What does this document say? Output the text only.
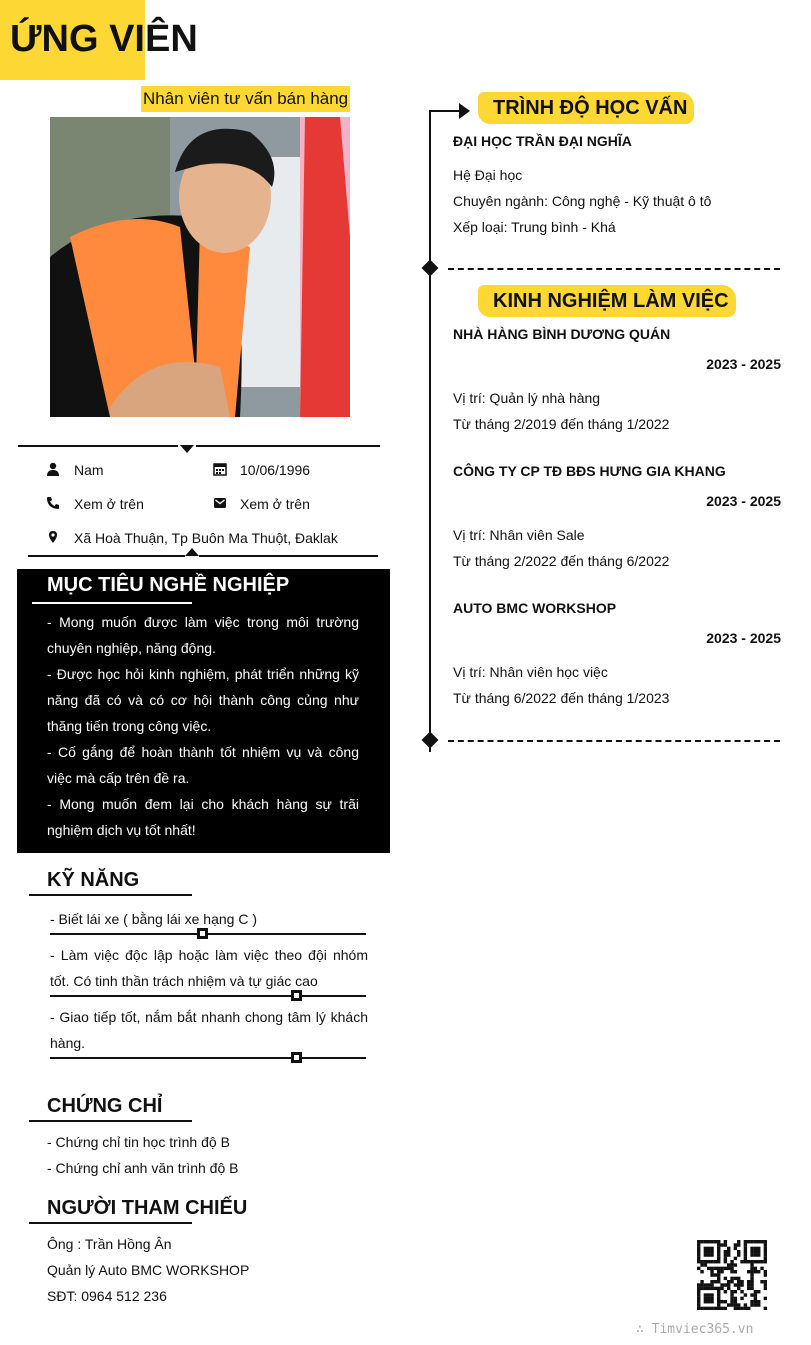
ỨNG VIÊN
Nhân viên tư vấn bán hàng
Nam	10/06/1996
Xem ở trên	Xem ở trên
Xã Hoà Thuận, Tp Buôn Ma Thuột, Đaklak
MỤC TIÊU NGHỀ NGHIỆP

- Mong muốn được làm việc trong môi trường chuyên nghiệp, năng động.

- Được học hỏi kinh nghiệm, phát triển những kỹ năng đã có và có cơ hội thành công củng như thăng tiến trong công việc.

- Cố gắng để hoàn thành tốt nhiệm vụ và công việc mà cấp trên đề ra.

- Mong muốn đem lại cho khách hàng sự trãi nghiệm dịch vụ tốt nhất!

KỸ NĂNG
- Biết lái xe ( bằng lái xe hạng C )
- Làm việc độc lập hoặc làm việc theo đội nhóm tốt. Có tinh thần trách nhiệm và tự giác cao
- Giao tiếp tốt, nắm bắt nhanh chong tâm lý khách hàng.
CHỨNG CHỈ
- Chứng chỉ tin học trình độ B
- Chứng chỉ anh văn trình độ B
NGƯỜI THAM CHIẾU
Ông : Trần Hồng Ân
Quản lý Auto BMC WORKSHOP
SĐT: 0964 512 236
TRÌNH ĐỘ HỌC VẤN
ĐẠI HỌC TRẦN ĐẠI NGHĨA
Hệ Đại học
Chuyên ngành: Công nghệ - Kỹ thuật ô tô
Xếp loại: Trung bình - Khá
KINH NGHIỆM LÀM VIỆC
NHÀ HÀNG BÌNH DƯƠNG QUÁN
2023 - 2025
Vị trí: Quản lý nhà hàng
Từ tháng 2/2019 đến tháng 1/2022
CÔNG TY CP TĐ BĐS HƯNG GIA KHANG
2023 - 2025
Vị trí: Nhân viên Sale
Từ tháng 2/2022 đến tháng 6/2022
AUTO BMC WORKSHOP
2023 - 2025
Vị trí: Nhân viên học việc
Từ tháng 6/2022 đến tháng 1/2023
∴ Timviec365.vn
